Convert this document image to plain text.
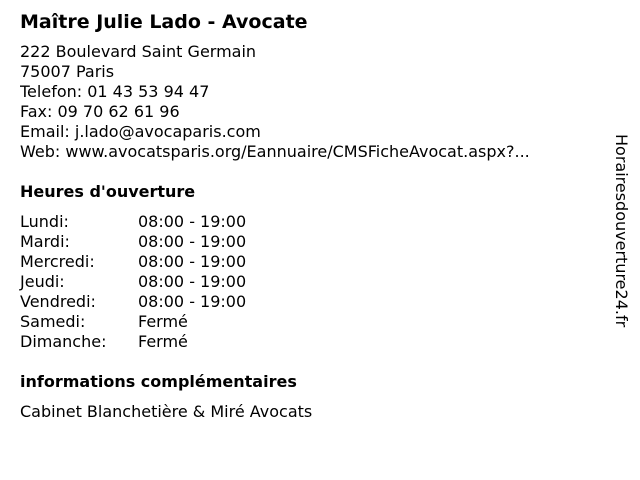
Maître Julie Lado - Avocate
222 Boulevard Saint Germain
75007 Paris
Telefon: 01 43 53 94 47
Fax: 09 70 62 61 96
Email: j.lado@avocaparis.com
Web: www.avocatsparis.org/Eannuaire/CMSFicheAvocat.aspx?...
Heures d'ouverture
Lundi:	08:00 - 19:00
Mardi:	08:00 - 19:00
Mercredi:	08:00 - 19:00
Jeudi:	08:00 - 19:00
Vendredi:	08:00 - 19:00
Samedi:	Fermé
Dimanche:	Fermé
informations complémentaires
Cabinet Blanchetière & Miré Avocats
Horairesdouverture24.fr
